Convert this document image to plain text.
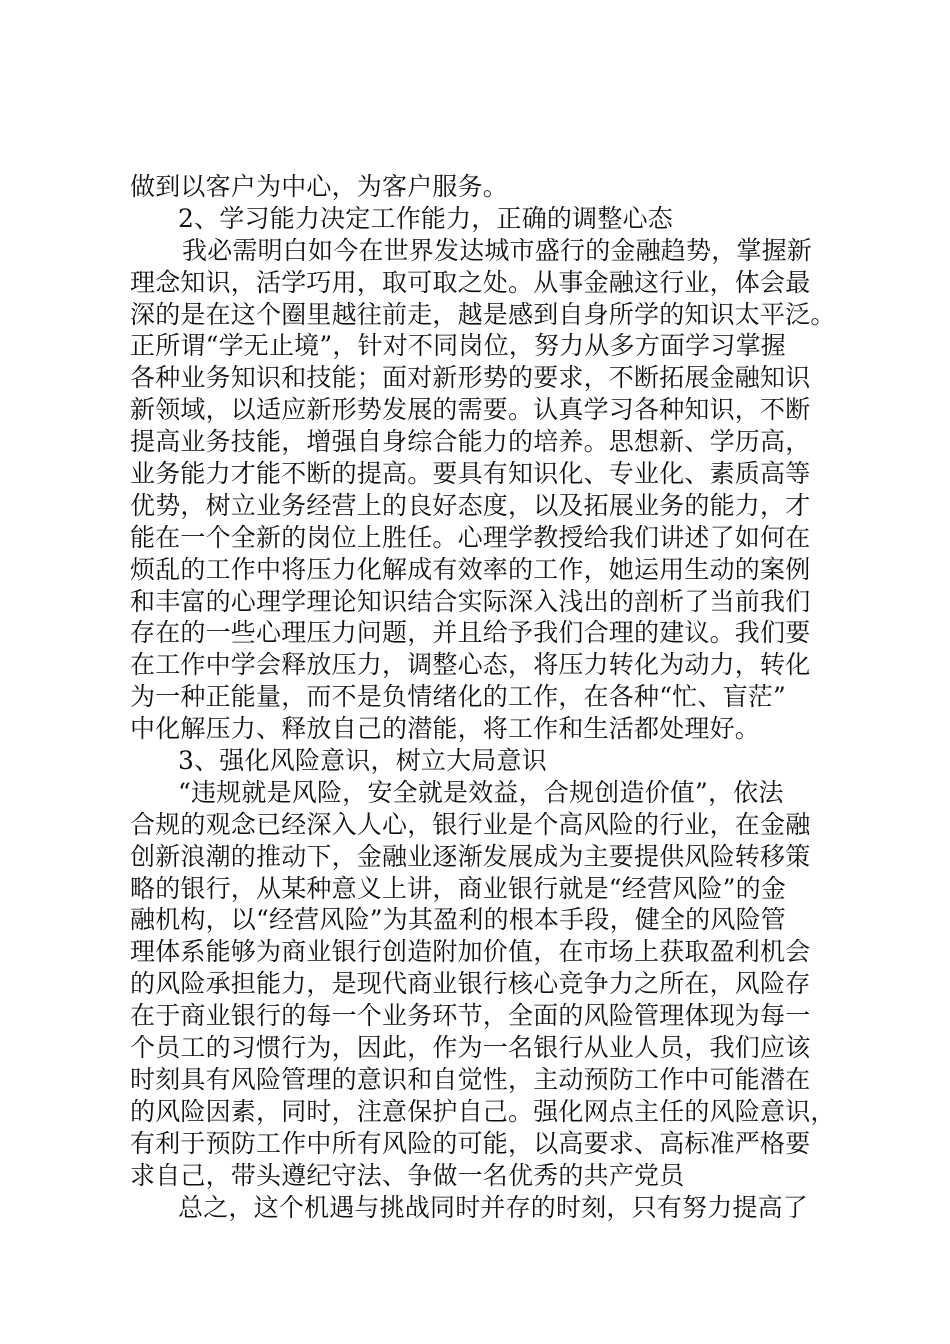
做到以客户为中心，为客户服务。
2、学习能力决定工作能力，正确的调整心态
我必需明白如今在世界发达城市盛行的金融趋势，掌握新
理念知识，活学巧用，取可取之处。从事金融这行业，体会最
深的是在这个圈里越往前走，越是感到自身所学的知识太平泛。
正所谓“学无止境”，针对不同岗位，努力从多方面学习掌握
各种业务知识和技能；面对新形势的要求，不断拓展金融知识
新领域，以适应新形势发展的需要。认真学习各种知识，不断
提高业务技能，增强自身综合能力的培养。思想新、学历高，
业务能力才能不断的提高。要具有知识化、专业化、素质高等
优势，树立业务经营上的良好态度，以及拓展业务的能力，才
能在一个全新的岗位上胜任。心理学教授给我们讲述了如何在
烦乱的工作中将压力化解成有效率的工作，她运用生动的案例
和丰富的心理学理论知识结合实际深入浅出的剖析了当前我们
存在的一些心理压力问题，并且给予我们合理的建议。我们要
在工作中学会释放压力，调整心态，将压力转化为动力，转化
为一种正能量，而不是负情绪化的工作，在各种“忙、盲茫”
中化解压力、释放自己的潜能，将工作和生活都处理好。
3、强化风险意识，树立大局意识
“违规就是风险，安全就是效益，合规创造价值”，依法
合规的观念已经深入人心，银行业是个高风险的行业，在金融
创新浪潮的推动下，金融业逐渐发展成为主要提供风险转移策
略的银行，从某种意义上讲，商业银行就是“经营风险”的金
融机构，以“经营风险”为其盈利的根本手段，健全的风险管
理体系能够为商业银行创造附加价值，在市场上获取盈利机会
的风险承担能力，是现代商业银行核心竞争力之所在，风险存
在于商业银行的每一个业务环节，全面的风险管理体现为每一
个员工的习惯行为，因此，作为一名银行从业人员，我们应该
时刻具有风险管理的意识和自觉性，主动预防工作中可能潜在
的风险因素，同时，注意保护自己。强化网点主任的风险意识，
有利于预防工作中所有风险的可能，以高要求、高标准严格要
求自己，带头遵纪守法、争做一名优秀的共产党员
总之，这个机遇与挑战同时并存的时刻，只有努力提高了
